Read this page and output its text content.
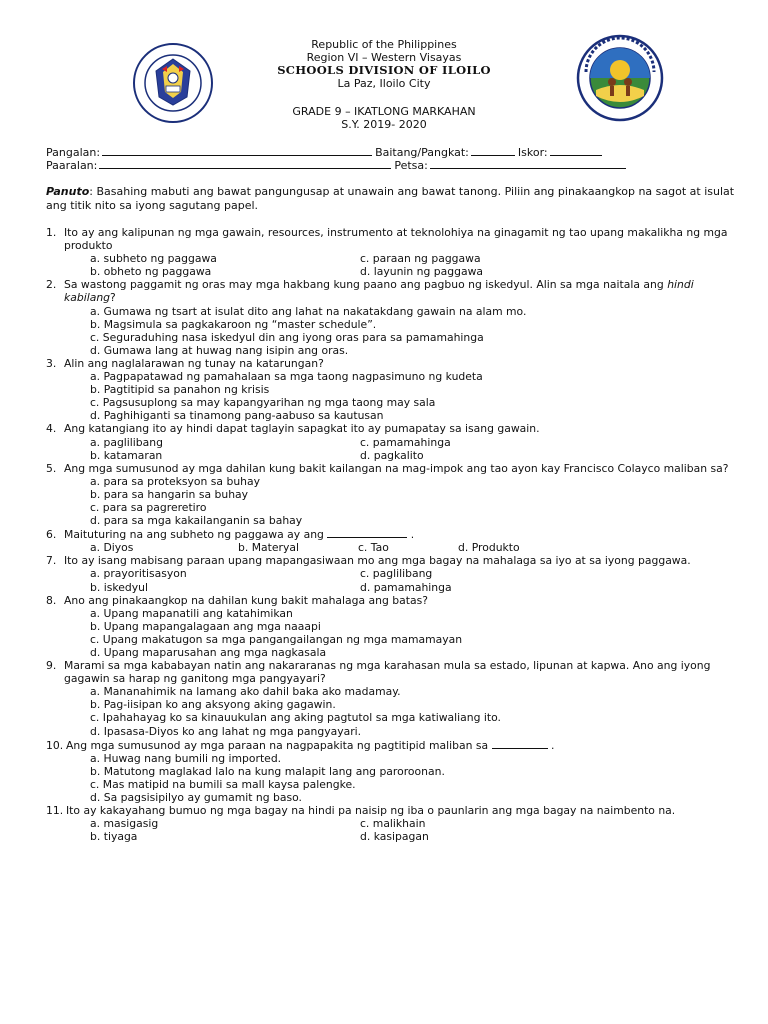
Republic of the Philippines
Region VI – Western Visayas
SCHOOLS DIVISION OF ILOILO
La Paz, Iloilo City
GRADE 9 – IKATLONG MARKAHAN
S.Y. 2019- 2020
Pangalan:	Baitang/Pangkat:	Iskor:
Paaralan:	Petsa:
Panuto: Basahing mabuti ang bawat pangungusap at unawain ang bawat tanong. Piliin ang pinakaangkop na sagot at isulat ang titik nito sa iyong sagutang papel.
1. Ito ay ang kalipunan ng mga gawain, resources, instrumento at teknolohiya na ginagamit ng tao upang makalikha ng mga produkto
a. subheto ng paggawa	c. paraan ng paggawa
b. obheto ng paggawa	d. layunin ng paggawa
2. Sa wastong paggamit ng oras may mga hakbang kung paano ang pagbuo ng iskedyul. Alin sa mga naitala ang hindi kabilang?
a. Gumawa ng tsart at isulat dito ang lahat na nakatakdang gawain na alam mo.
b. Magsimula sa pagkakaroon ng “master schedule”.
c. Seguraduhing nasa iskedyul din ang iyong oras para sa pamamahinga
d. Gumawa lang at huwag nang isipin ang oras.
3. Alin ang naglalarawan ng tunay na katarungan?
a. Pagpapatawad ng pamahalaan sa mga taong nagpasimuno ng kudeta
b. Pagtitipid sa panahon ng krisis
c. Pagsusuplong sa may kapangyarihan ng mga taong may sala
d. Paghihiganti sa tinamong pang-aabuso sa kautusan
4. Ang katangiang ito ay hindi dapat taglayin sapagkat ito ay pumapatay sa isang gawain.
a. paglilibang	c. pamamahinga
b. katamaran	d. pagkalito
5. Ang mga sumusunod ay mga dahilan kung bakit kailangan na mag-impok ang tao ayon kay Francisco Colayco maliban sa?
a. para sa proteksyon sa buhay
b. para sa hangarin sa buhay
c. para sa pagreretiro
d. para sa mga kakailanganin sa bahay
6. Maituturing na ang subheto ng paggawa ay ang	.
a. Diyos	b. Materyal	c. Tao	d. Produkto
7. Ito ay isang mabisang paraan upang mapangasiwaan mo ang mga bagay na mahalaga sa iyo at sa iyong paggawa.
a. prayoritisasyon	c. paglilibang
b. iskedyul	d. pamamahinga
8. Ano ang pinakaangkop na dahilan kung bakit mahalaga ang batas?
a. Upang mapanatili ang katahimikan
b. Upang mapangalagaan ang mga naaapi
c. Upang makatugon sa mga pangangailangan ng mga mamamayan
d. Upang maparusahan ang mga nagkasala
9. Marami sa mga kababayan natin ang nakararanas ng mga karahasan mula sa estado, lipunan at kapwa. Ano ang iyong gagawin sa harap ng ganitong mga pangyayari?
a. Mananahimik na lamang ako dahil baka ako madamay.
b. Pag-iisipan ko ang aksyong aking gagawin.
c. Ipahahayag ko sa kinauukulan ang aking pagtutol sa mga katiwaliang ito.
d. Ipasasa-Diyos ko ang lahat ng mga pangyayari.
10. Ang mga sumusunod ay mga paraan na nagpapakita ng pagtitipid maliban sa	.
a. Huwag nang bumili ng imported.
b. Matutong maglakad lalo na kung malapit lang ang paroroonan.
c. Mas matipid na bumili sa mall kaysa palengke.
d. Sa pagsisipilyo ay gumamit ng baso.
11. Ito ay kakayahang bumuo ng mga bagay na hindi pa naisip ng iba o paunlarin ang mga bagay na naimbento na.
a. masigasig	c. malikhain
b. tiyaga	d. kasipagan
